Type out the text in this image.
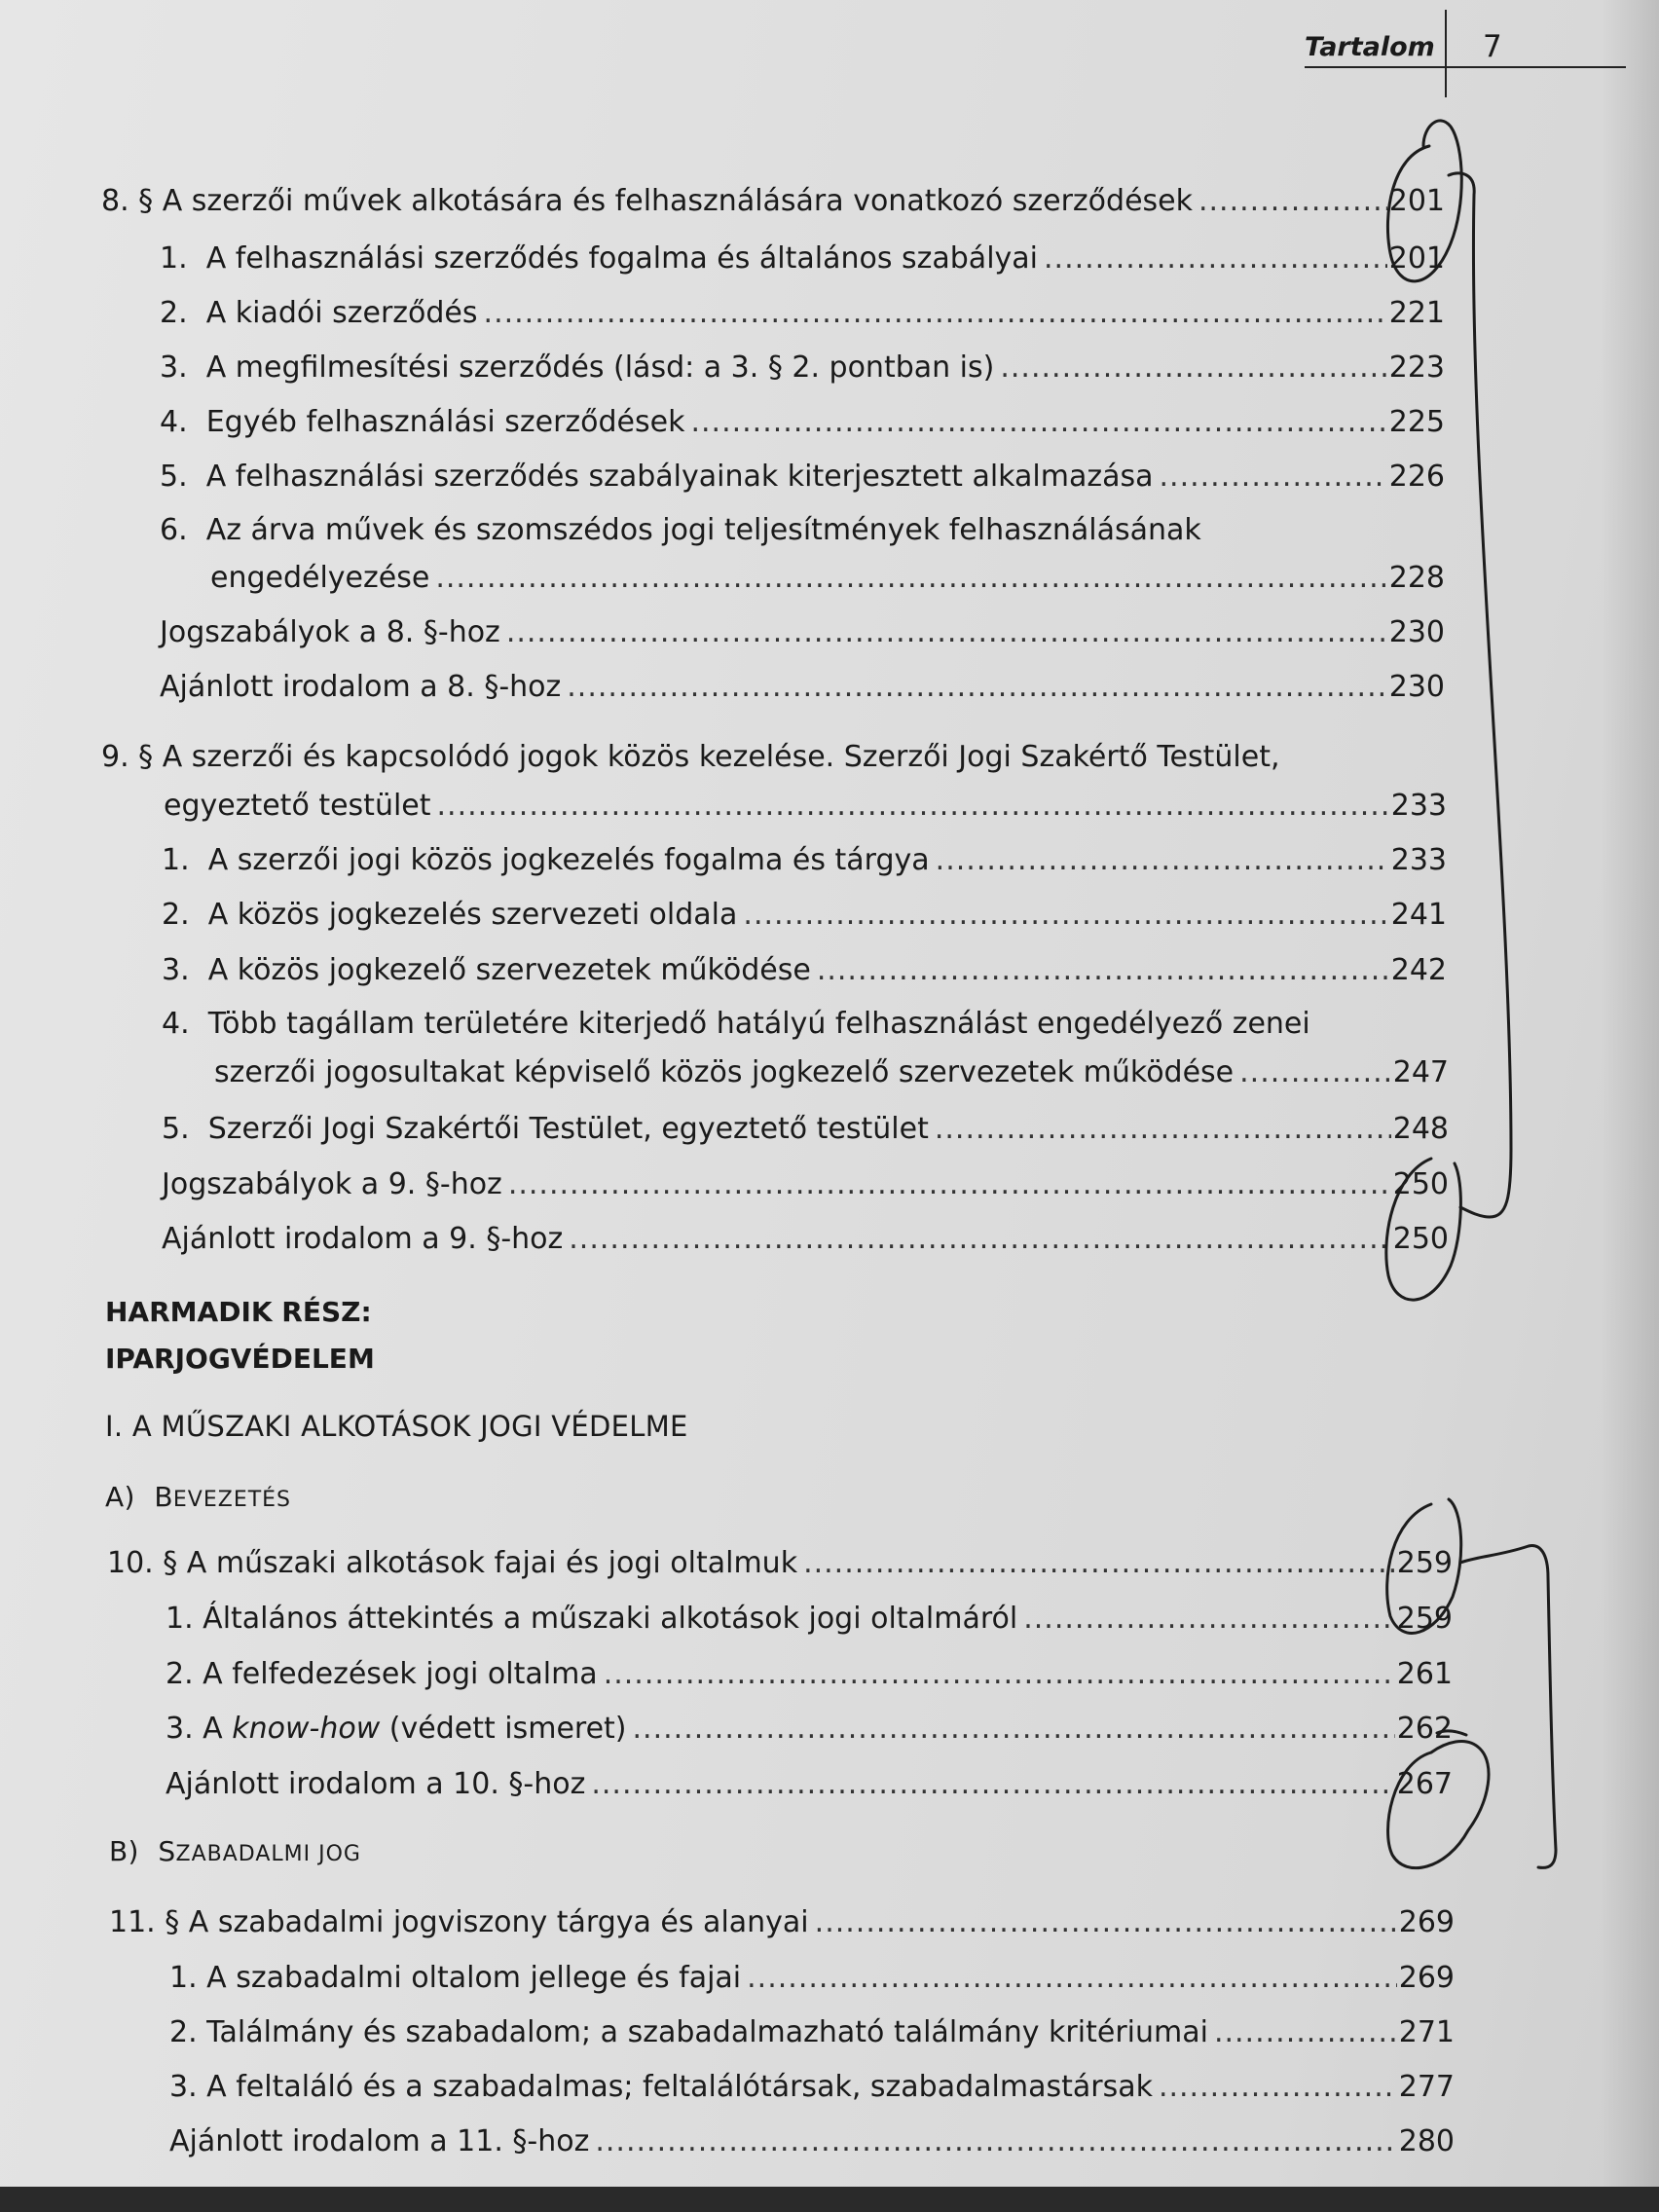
Tartalom	7
8. § A szerzői művek alkotására és felhasználására vonatkozó szerződések .....	201
1. A felhasználási szerződés fogalma és általános szabályai .....	201
2. A kiadói szerződés .....	221
3. A megfilmesítési szerződés (lásd: a 3. § 2. pontban is) .....	223
4. Egyéb felhasználási szerződések .....	225
5. A felhasználási szerződés szabályainak kiterjesztett alkalmazása .....	226
6. Az árva művek és szomszédos jogi teljesítmények felhasználásának
engedélyezése .....	228
Jogszabályok a 8. §-hoz .....	230
Ajánlott irodalom a 8. §-hoz .....	230
9. § A szerzői és kapcsolódó jogok közös kezelése. Szerzői Jogi Szakértő Testület,
egyeztető testület .....	233
1. A szerzői jogi közös jogkezelés fogalma és tárgya .....	233
2. A közös jogkezelés szervezeti oldala .....	241
3. A közös jogkezelő szervezetek működése .....	242
4. Több tagállam területére kiterjedő hatályú felhasználást engedélyező zenei
szerzői jogosultakat képviselő közös jogkezelő szervezetek működése .....	247
5. Szerzői Jogi Szakértői Testület, egyeztető testület .....	248
Jogszabályok a 9. §-hoz .....	250
Ajánlott irodalom a 9. §-hoz .....	250
HARMADIK RÉSZ:
IPARJOGVÉDELEM
I. A MŰSZAKI ALKOTÁSOK JOGI VÉDELME
A) BEVEZETÉS
10. § A műszaki alkotások fajai és jogi oltalmuk .....	259
1. Általános áttekintés a műszaki alkotások jogi oltalmáról .....	259
2. A felfedezések jogi oltalma .....	261
3. A know-how (védett ismeret) .....	262
Ajánlott irodalom a 10. §-hoz .....	267
B) SZABADALMI JOG
11. § A szabadalmi jogviszony tárgya és alanyai .....	269
1. A szabadalmi oltalom jellege és fajai .....	269
2. Találmány és szabadalom; a szabadalmazható találmány kritériumai .....	271
3. A feltaláló és a szabadalmas; feltalálótársak, szabadalmastársak .....	277
Ajánlott irodalom a 11. §-hoz .....	280
